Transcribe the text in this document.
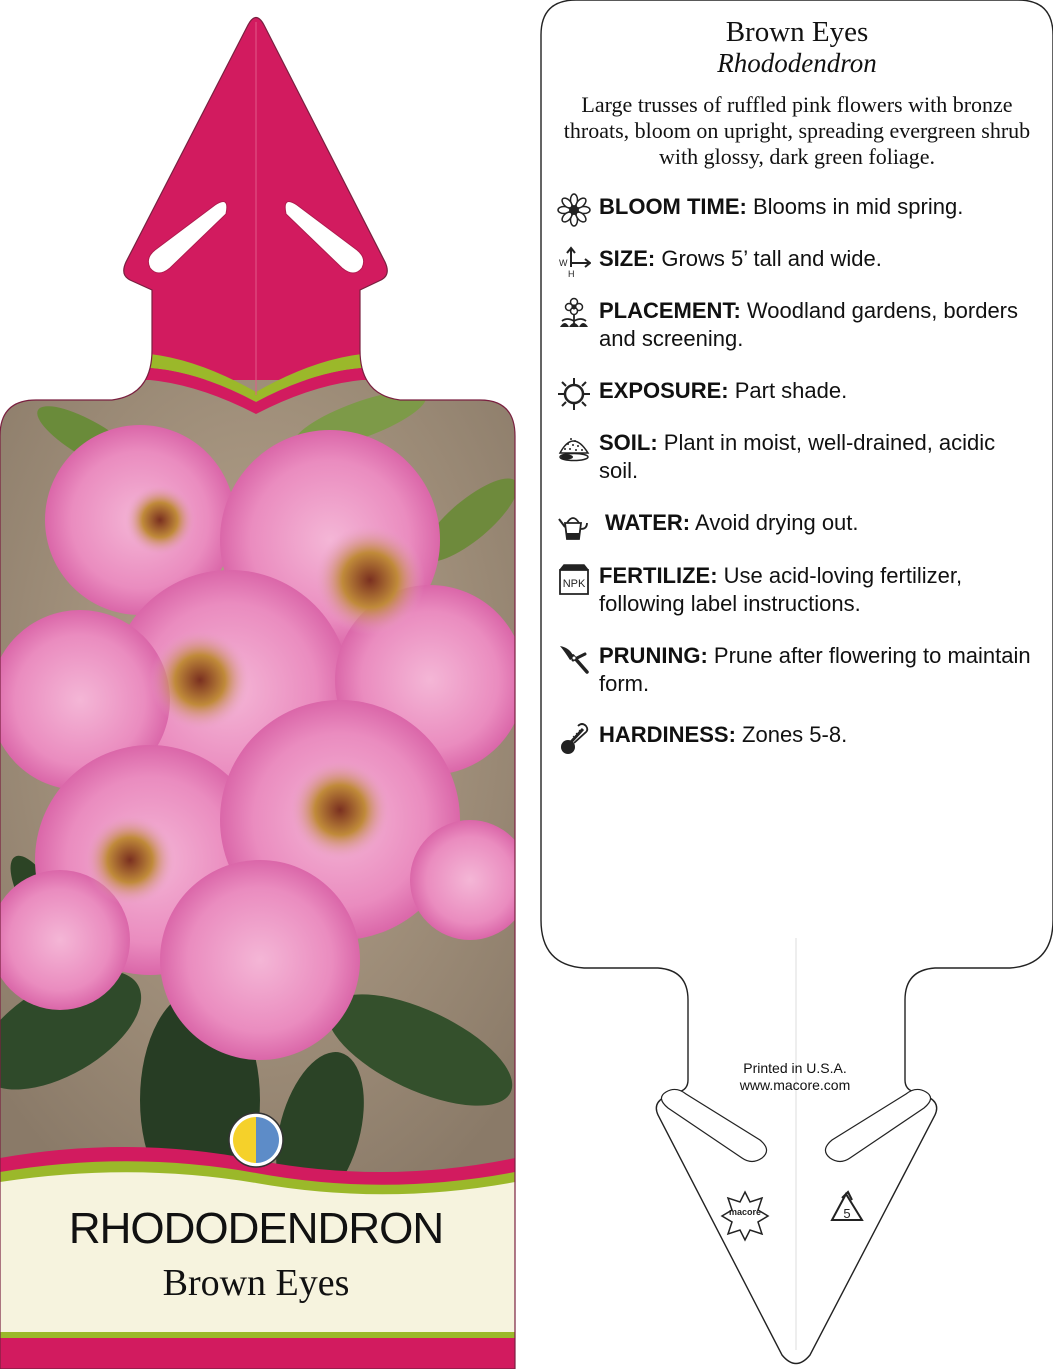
macore	5
Brown Eyes
Rhododendron
Large trusses of ruffled pink flowers with bronze throats, bloom on upright, spreading evergreen shrub with glossy, dark green foliage.
BLOOM TIME: Blooms in mid spring.
W
H
SIZE: Grows 5’ tall and wide.
PLACEMENT: Woodland gardens, borders and screening.
EXPOSURE: Part shade.
SOIL: Plant in moist, well-drained, acidic soil.
WATER: Avoid drying out.
NPK FERTILIZE: Use acid-loving fertilizer, following label instructions.
PRUNING: Prune after flowering to maintain form.
HARDINESS: Zones 5-8.
Printed in U.S.A.
www.macore.com
RHODODENDRON
Brown Eyes
